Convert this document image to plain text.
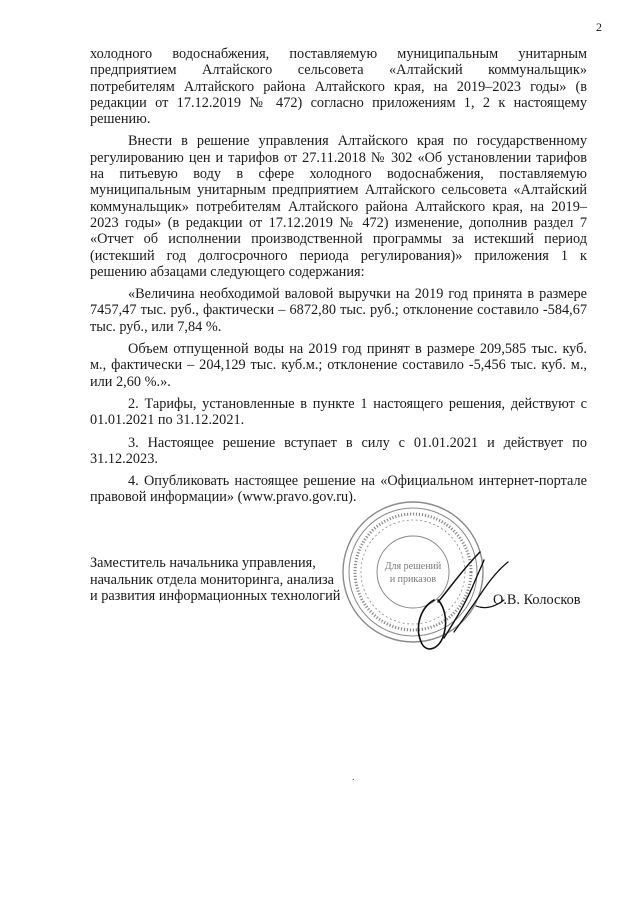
2

холодного водоснабжения, поставляемую муниципальным унитарным предприятием Алтайского сельсовета «Алтайский коммунальщик» потребителям Алтайского района Алтайского края, на 2019–2023 годы» (в редакции от 17.12.2019 № 472) согласно приложениям 1, 2 к настоящему решению.

Внести в решение управления Алтайского края по государственному регулированию цен и тарифов от 27.11.2018 № 302 «Об установлении тарифов на питьевую воду в сфере холодного водоснабжения, поставляемую муниципальным унитарным предприятием Алтайского сельсовета «Алтайский коммунальщик» потребителям Алтайского района Алтайского края, на 2019–2023 годы» (в редакции от 17.12.2019 № 472) изменение, дополнив раздел 7 «Отчет об исполнении производственной программы за истекший период (истекший год долгосрочного периода регулирования)» приложения 1 к решению абзацами следующего содержания:

«Величина необходимой валовой выручки на 2019 год принята в размере 7457,47 тыс. руб., фактически – 6872,80 тыс. руб.; отклонение составило -584,67 тыс. руб., или 7,84 %.

Объем отпущенной воды на 2019 год принят в размере 209,585 тыс. куб. м., фактически – 204,129 тыс. куб.м.; отклонение составило -5,456 тыс. куб. м., или 2,60 %.».

2. Тарифы, установленные в пункте 1 настоящего решения, действуют с 01.01.2021 по 31.12.2021.

3. Настоящее решение вступает в силу с 01.01.2021 и действует по 31.12.2023.

4. Опубликовать настоящее решение на «Официальном интернет-портале правовой информации» (www.pravo.gov.ru).

Заместитель начальника управления,
начальник отдела мониторинга, анализа
и развития информационных технологий
Для решений
и приказов
О.В. Колосков
.
